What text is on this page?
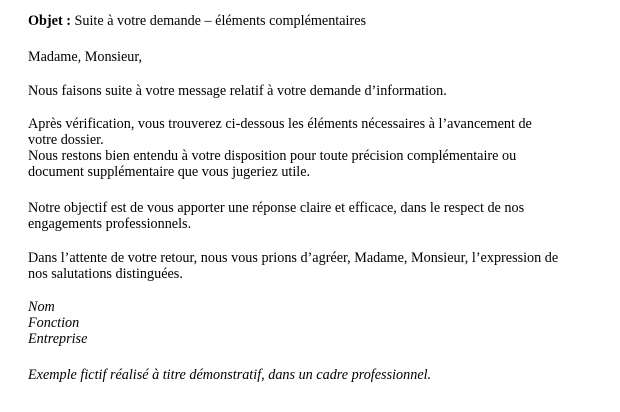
Objet : Suite à votre demande – éléments complémentaires

Madame, Monsieur,

Nous faisons suite à votre message relatif à votre demande d’information.

Après vérification, vous trouverez ci-dessous les éléments nécessaires à l’avancement de
votre dossier.
Nous restons bien entendu à votre disposition pour toute précision complémentaire ou
document supplémentaire que vous jugeriez utile.

Notre objectif est de vous apporter une réponse claire et efficace, dans le respect de nos
engagements professionnels.

Dans l’attente de votre retour, nous vous prions d’agréer, Madame, Monsieur, l’expression de
nos salutations distinguées.

Nom
Fonction
Entreprise

Exemple fictif réalisé à titre démonstratif, dans un cadre professionnel.
